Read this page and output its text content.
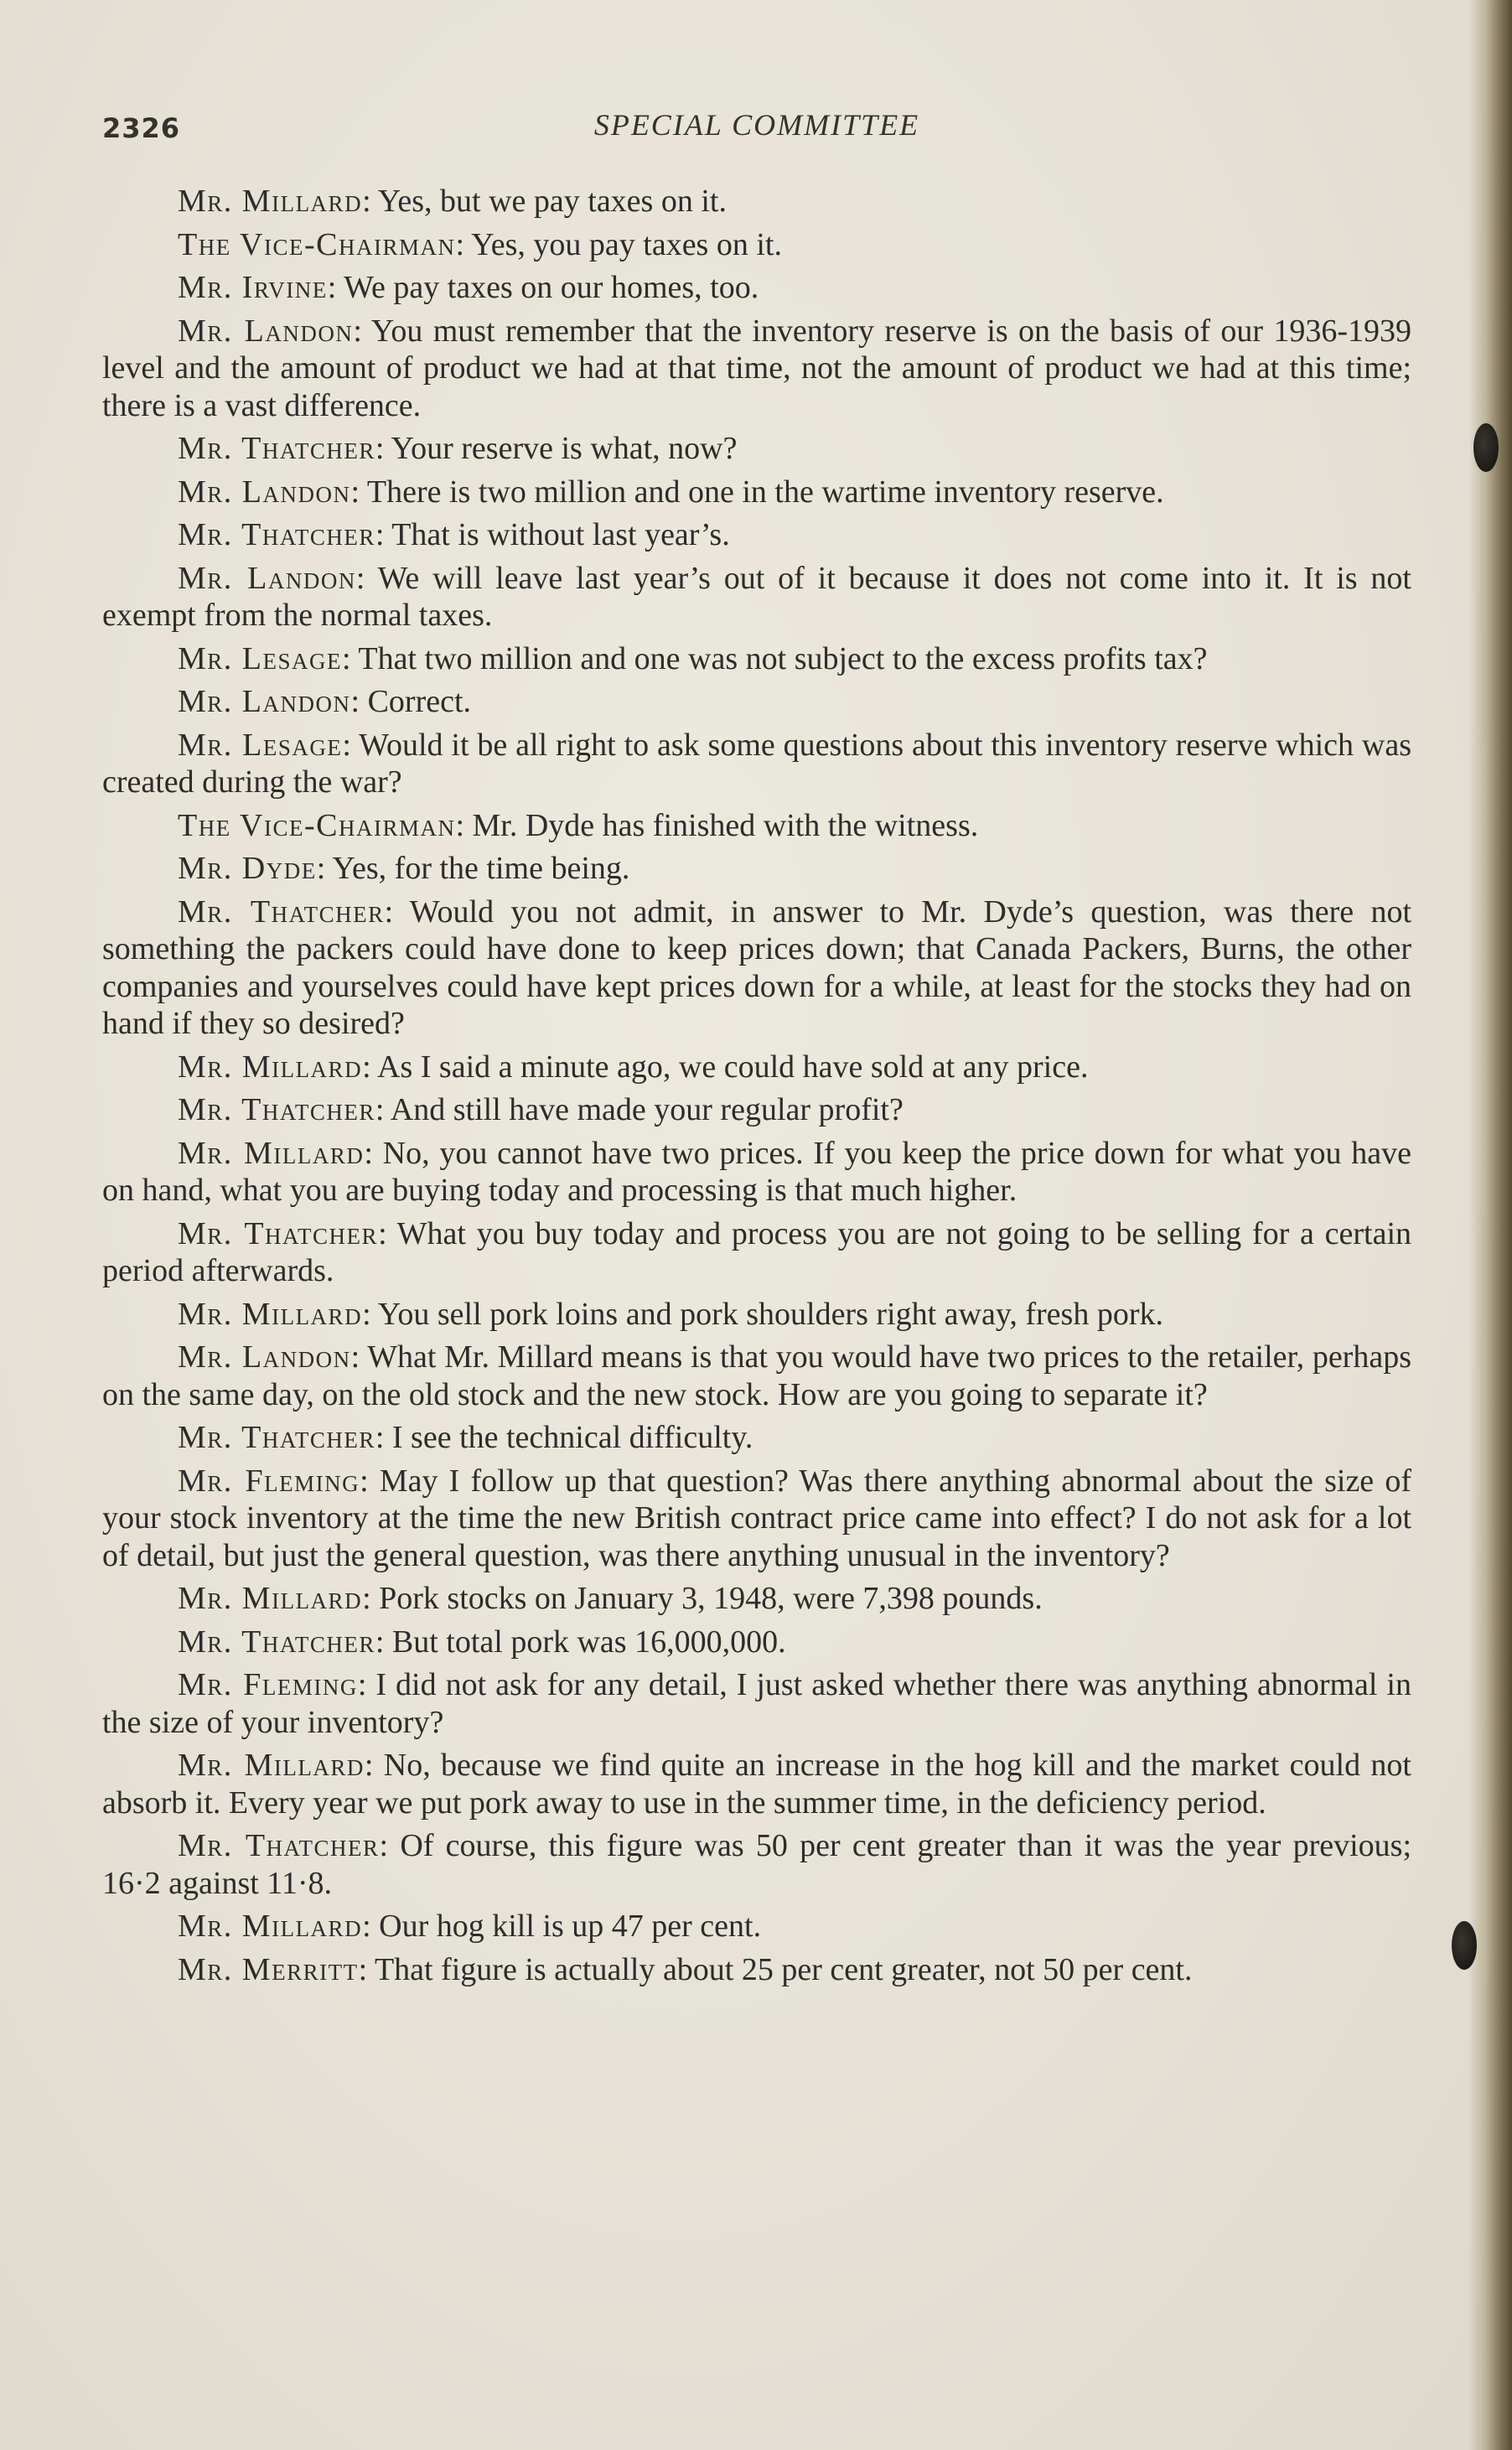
2326	SPECIAL COMMITTEE

Mr. Millard: Yes, but we pay taxes on it.

The Vice-Chairman: Yes, you pay taxes on it.

Mr. Irvine: We pay taxes on our homes, too.

Mr. Landon: You must remember that the inventory reserve is on the basis of our 1936-1939 level and the amount of product we had at that time, not the amount of product we had at this time; there is a vast difference.

Mr. Thatcher: Your reserve is what, now?

Mr. Landon: There is two million and one in the wartime inventory reserve.

Mr. Thatcher: That is without last year’s.

Mr. Landon: We will leave last year’s out of it because it does not come into it. It is not exempt from the normal taxes.

Mr. Lesage: That two million and one was not subject to the excess profits tax?

Mr. Landon: Correct.

Mr. Lesage: Would it be all right to ask some questions about this inventory reserve which was created during the war?

The Vice-Chairman: Mr. Dyde has finished with the witness.

Mr. Dyde: Yes, for the time being.

Mr. Thatcher: Would you not admit, in answer to Mr. Dyde’s question, was there not something the packers could have done to keep prices down; that Canada Packers, Burns, the other companies and yourselves could have kept prices down for a while, at least for the stocks they had on hand if they so desired?

Mr. Millard: As I said a minute ago, we could have sold at any price.

Mr. Thatcher: And still have made your regular profit?

Mr. Millard: No, you cannot have two prices. If you keep the price down for what you have on hand, what you are buying today and processing is that much higher.

Mr. Thatcher: What you buy today and process you are not going to be selling for a certain period afterwards.

Mr. Millard: You sell pork loins and pork shoulders right away, fresh pork.

Mr. Landon: What Mr. Millard means is that you would have two prices to the retailer, perhaps on the same day, on the old stock and the new stock. How are you going to separate it?

Mr. Thatcher: I see the technical difficulty.

Mr. Fleming: May I follow up that question? Was there anything abnormal about the size of your stock inventory at the time the new British contract price came into effect? I do not ask for a lot of detail, but just the general question, was there anything unusual in the inventory?

Mr. Millard: Pork stocks on January 3, 1948, were 7,398 pounds.

Mr. Thatcher: But total pork was 16,000,000.

Mr. Fleming: I did not ask for any detail, I just asked whether there was anything abnormal in the size of your inventory?

Mr. Millard: No, because we find quite an increase in the hog kill and the market could not absorb it. Every year we put pork away to use in the summer time, in the deficiency period.

Mr. Thatcher: Of course, this figure was 50 per cent greater than it was the year previous; 16·2 against 11·8.

Mr. Millard: Our hog kill is up 47 per cent.

Mr. Merritt: That figure is actually about 25 per cent greater, not 50 per cent.
